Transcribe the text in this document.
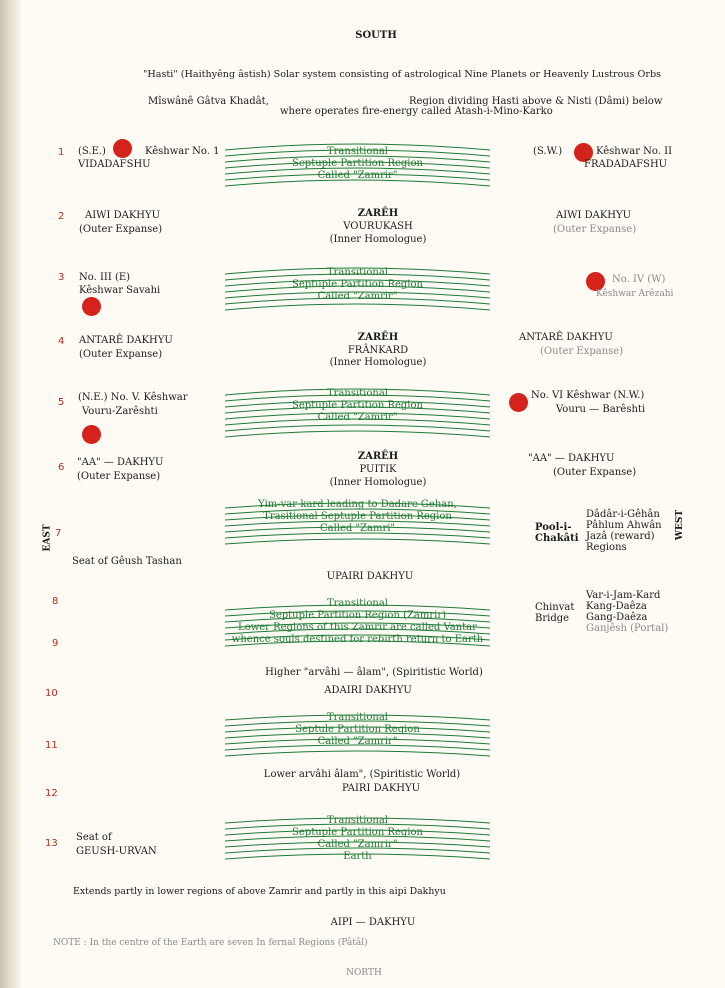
SOUTH
"Hasti" (Haithyêng âstish) Solar system consisting of astrological Nine Planets or Heavenly Lustrous Orbs
Mîswânê Gâtva Khadât,	Region dividing Hasti above & Nisti (Dâmi) below
where operates fire-energy called Atash-i-Mino-Karko
1
2
3
4
5
6
7
8
9
10
11
12
13
(S.E.)	Kêshwar No. 1
VIDADAFSHU
(S.W.)	Kêshwar No. II
FRADADAFSHU
Transitional
Septuple Partition Region
Called "Zamrir"
AIWI DAKHYU
(Outer Expanse)
ZARÊH
VOURUKASH
(Inner Homologue)
AIWI DAKHYU
(Outer Expanse)
Transitional
Septuple Partition Region
Called "Zamrir"
No. III (E)
Kêshwar Savahi
No. IV (W)
Kêshwar Arêzahi
ANTARÊ DAKHYU
(Outer Expanse)
ZARÊH
FRÂNKARD
(Inner Homologue)
ANTARÊ DAKHYU
(Outer Expanse)
Transitional
Septuple Partition Region
Called "Zamrir"
(N.E.) No. V. Kêshwar
Vouru-Zarêshti
No. VI Kêshwar (N.W.)
Vouru — Barêshti
"AA" — DAKHYU
(Outer Expanse)
ZARÊH
PUITIK
(Inner Homologue)
"AA" — DAKHYU
(Outer Expanse)
Yim-var-kard leading to Dadare Gehan,
Trasitional Septuple Partition Region
Called "Zamri"
EAST	WEST
Seat of Gêush Tashan
Pool-i-
Chakâti
Dâdâr-i-Gêhân
Pâhlum Ahwân
Jazâ (reward)
Regions
UPAIRI DAKHYU
Chinvat
Bridge
Var-i-Jam-Kard
Kang-Daêza
Gang-Daêza
Ganjêsh (Portal)
Transitional
Septuple Partition Region (Zamrir)
Lower Regions of this Zamrir are called Vantar
whence souls destined for rebirth return to Earth
Higher "arvâhi — âlam", (Spiritistic World)
ADAIRI DAKHYU
Transitional
Septule Partition Region
Called "Zamrir"
Lower arvâhi âlam", (Spiritistic World)
PAIRI DAKHYU
Transitional
Septuple Partition Region
Called "Zamrir"
Earth
Seat of
GEUSH-URVAN
Extends partly in lower regions of above Zamrir and partly in this aipi Dakhyu
AIPI — DAKHYU
NOTE : In the centre of the Earth are seven In fernal Regions (Pâtâl)
NORTH
